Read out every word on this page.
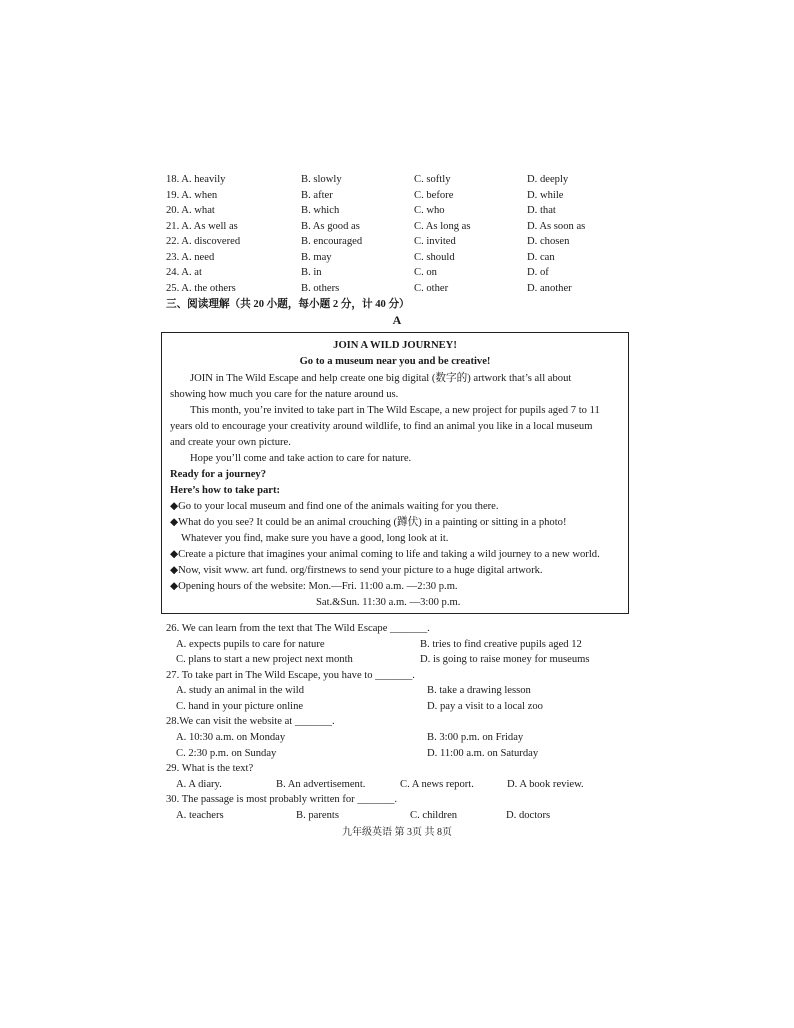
18. A. heavily	B. slowly	C. softly	D. deeply
19. A. when	B. after	C. before	D. while
20. A. what	B. which	C. who	D. that
21. A. As well as	B. As good as	C. As long as	D. As soon as
22. A. discovered	B. encouraged	C. invited	D. chosen
23. A. need	B. may	C. should	D. can
24. A. at	B. in	C. on	D. of
25. A. the others	B. others	C. other	D. another
三、阅读理解（共 20 小题，每小题 2 分，计 40 分）
A
JOIN A WILD JOURNEY!
Go to a museum near you and be creative!
JOIN in The Wild Escape and help create one big digital (数字的) artwork that’s all about
showing how much you care for the nature around us.
This month, you’re invited to take part in The Wild Escape, a new project for pupils aged 7 to 11
years old to encourage your creativity around wildlife, to find an animal you like in a local museum
and create your own picture.
Hope you’ll come and take action to care for nature.
Ready for a journey?
Here’s how to take part:
◆Go to your local museum and find one of the animals waiting for you there.
◆What do you see? It could be an animal crouching (蹲伏) in a painting or sitting in a photo!
Whatever you find, make sure you have a good, long look at it.
◆Create a picture that imagines your animal coming to life and taking a wild journey to a new world.
◆Now, visit www. art fund. org/firstnews to send your picture to a huge digital artwork.
◆Opening hours of the website: Mon.—Fri. 11:00 a.m. —2:30 p.m.
Sat.&Sun. 11:30 a.m. —3:00 p.m.
26. We can learn from the text that The Wild Escape _______.
A. expects pupils to care for nature	B. tries to find creative pupils aged 12
C. plans to start a new project next month	D. is going to raise money for museums
27. To take part in The Wild Escape, you have to _______.
A. study an animal in the wild	B. take a drawing lesson
C. hand in your picture online	D. pay a visit to a local zoo
28.We can visit the website at _______.
A. 10:30 a.m. on Monday	B. 3:00 p.m. on Friday
C. 2:30 p.m. on Sunday	D. 11:00 a.m. on Saturday
29. What is the text?
A. A diary.	B. An advertisement.	C. A news report.	D. A book review.
30. The passage is most probably written for _______.
A. teachers	B. parents	C. children	D. doctors
九年级英语 第 3页 共 8页
